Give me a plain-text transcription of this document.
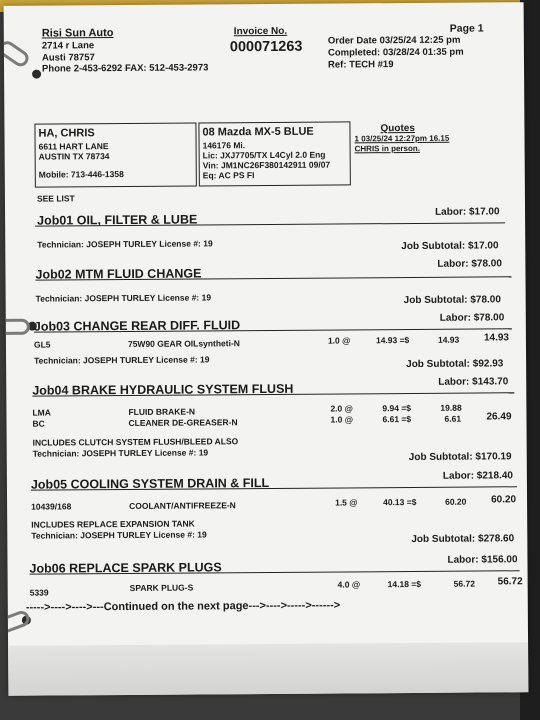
Risi Sun Auto
2714 r Lane
Austi 78757
Phone 2-453-6292 FAX: 512-453-2973
Invoice No.
000071263
Page 1
Order Date 03/25/24 12:25 pm
Completed: 03/28/24 01:35 pm
Ref: TECH #19
HA, CHRIS
6611 HART LANE
AUSTIN TX 78734
Mobile: 713-446-1358
08 Mazda MX-5 BLUE
146176 Mi.
Lic: JXJ7705/TX L4Cyl 2.0 Eng
Vin: JM1NC26F380142911 09/07
Eq: AC PS FI
Quotes
1 03/25/24 12:27pm 16.15
CHRIS in person.
SEE LIST
Job01 OIL, FILTER & LUBE
Labor: $17.00
Technician: JOSEPH TURLEY License #: 19	Job Subtotal: $17.00
Job02 MTM FLUID CHANGE
Labor: $78.00
Technician: JOSEPH TURLEY License #: 19	Job Subtotal: $78.00
Job03 CHANGE REAR DIFF. FLUID
Labor: $78.00
GL5	75W90 GEAR OILsyntheti-N	1.0 @	14.93 =$	14.93 14.93
Technician: JOSEPH TURLEY License #: 19	Job Subtotal: $92.93
Job04 BRAKE HYDRAULIC SYSTEM FLUSH	Labor: $143.70
LMA	FLUID BRAKE-N	2.0 @	9.94 =$	19.88
BC	CLEANER DE-GREASER-N	1.0 @	6.61 =$	6.61	26.49
INCLUDES CLUTCH SYSTEM FLUSH/BLEED ALSO
Technician: JOSEPH TURLEY License #: 19	Job Subtotal: $170.19
Job05 COOLING SYSTEM DRAIN & FILL	Labor: $218.40
10439/168	COOLANT/ANTIFREEZE-N	1.5 @	40.13 =$	60.20 60.20
INCLUDES REPLACE EXPANSION TANK
Technician: JOSEPH TURLEY License #: 19	Job Subtotal: $278.60
Job06 REPLACE SPARK PLUGS
Labor: $156.00
5339	SPARK PLUG-S	4.0 @	14.18 =$	56.72 56.72
----->---->---->---Continued on the next page--->---->----->------>
